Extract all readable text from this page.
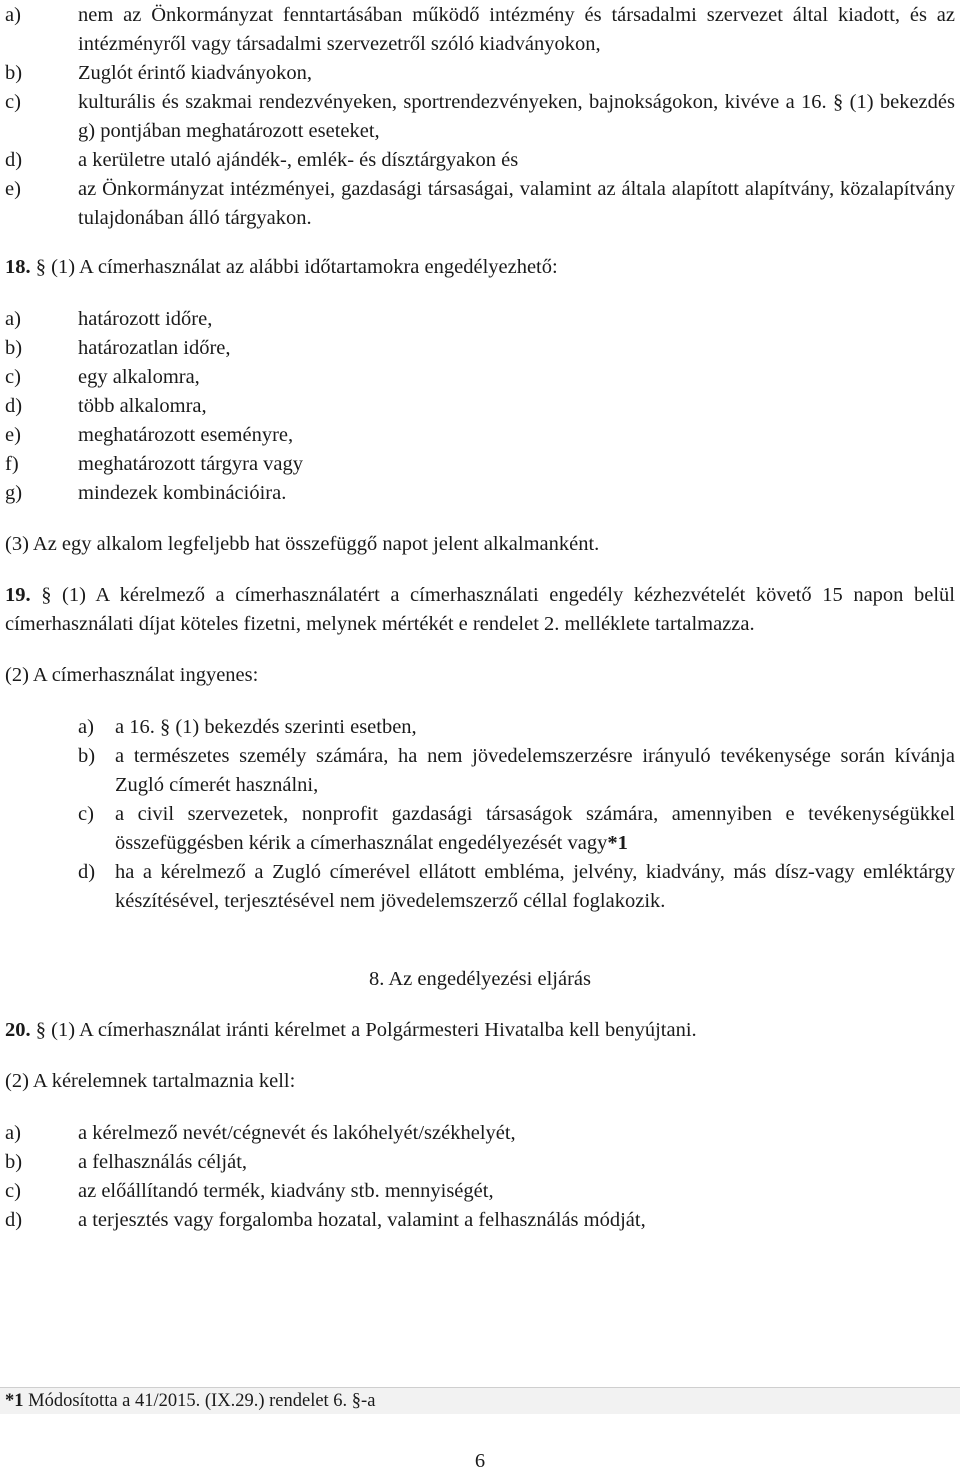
a)	nem az Önkormányzat fenntartásában működő intézmény és társadalmi szervezet által kiadott, és az intézményről vagy társadalmi szervezetről szóló kiadványokon,

b)	Zuglót érintő kiadványokon,

c)	kulturális és szakmai rendezvényeken, sportrendezvényeken, bajnokságokon, kivéve a 16. § (1) bekezdés g) pontjában meghatározott eseteket,

d)	a kerületre utaló ajándék-, emlék- és dísztárgyakon és

e)	az Önkormányzat intézményei, gazdasági társaságai, valamint az általa alapított alapítvány, közalapítvány tulajdonában álló tárgyakon.

18. § (1) A címerhasználat az alábbi időtartamokra engedélyezhető:

a)	határozott időre,

b)	határozatlan időre,

c)	egy alkalomra,

d)	több alkalomra,

e)	meghatározott eseményre,

f)	meghatározott tárgyra vagy

g)	mindezek kombinációira.

(3) Az egy alkalom legfeljebb hat összefüggő napot jelent alkalmanként.

19. § (1) A kérelmező a címerhasználatért a címerhasználati engedély kézhezvételét követő 15 napon belül címerhasználati díjat köteles fizetni, melynek mértékét e rendelet 2. melléklete tartalmazza.

(2) A címerhasználat ingyenes:

a) a 16. § (1) bekezdés szerinti esetben,

b) a természetes személy számára, ha nem jövedelemszerzésre irányuló tevékenysége során kívánja Zugló címerét használni,

c) a civil szervezetek, nonprofit gazdasági társaságok számára, amennyiben e tevékenységükkel összefüggésben kérik a címerhasználat engedélyezését vagy*1

d) ha a kérelmező a Zugló címerével ellátott embléma, jelvény, kiadvány, más dísz-vagy emléktárgy készítésével, terjesztésével nem jövedelemszerző céllal foglakozik.

8. Az engedélyezési eljárás

20. § (1) A címerhasználat iránti kérelmet a Polgármesteri Hivatalba kell benyújtani.

(2) A kérelemnek tartalmaznia kell:

a)	a kérelmező nevét/cégnevét és lakóhelyét/székhelyét,

b)	a felhasználás célját,

c)	az előállítandó termék, kiadvány stb. mennyiségét,

d)	a terjesztés vagy forgalomba hozatal, valamint a felhasználás módját,

*1 Módosította a 41/2015. (IX.29.) rendelet 6. §-a
6
